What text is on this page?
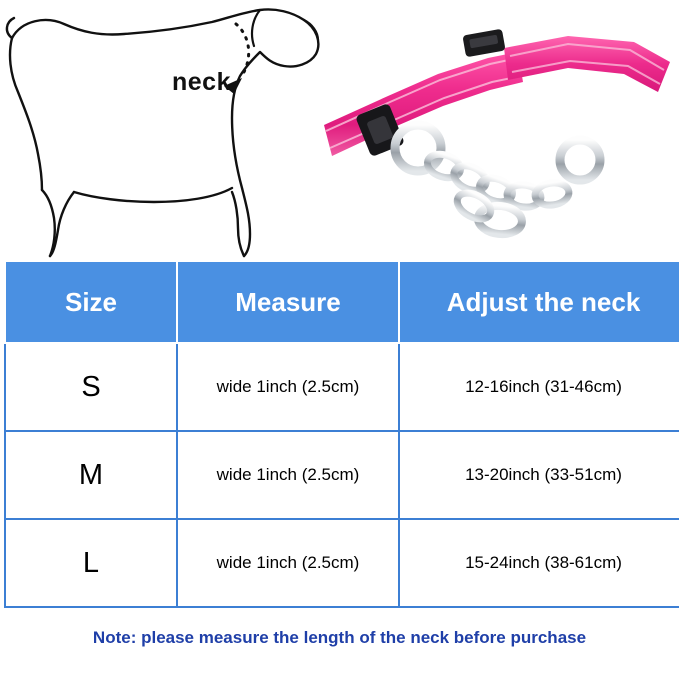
neck
Size	Measure	Adjust the neck
S	wide 1inch (2.5cm)	12-16inch (31-46cm)
M	wide 1inch (2.5cm)	13-20inch (33-51cm)
L	wide 1inch (2.5cm)	15-24inch (38-61cm)
Note: please measure the length of the neck before purchase
